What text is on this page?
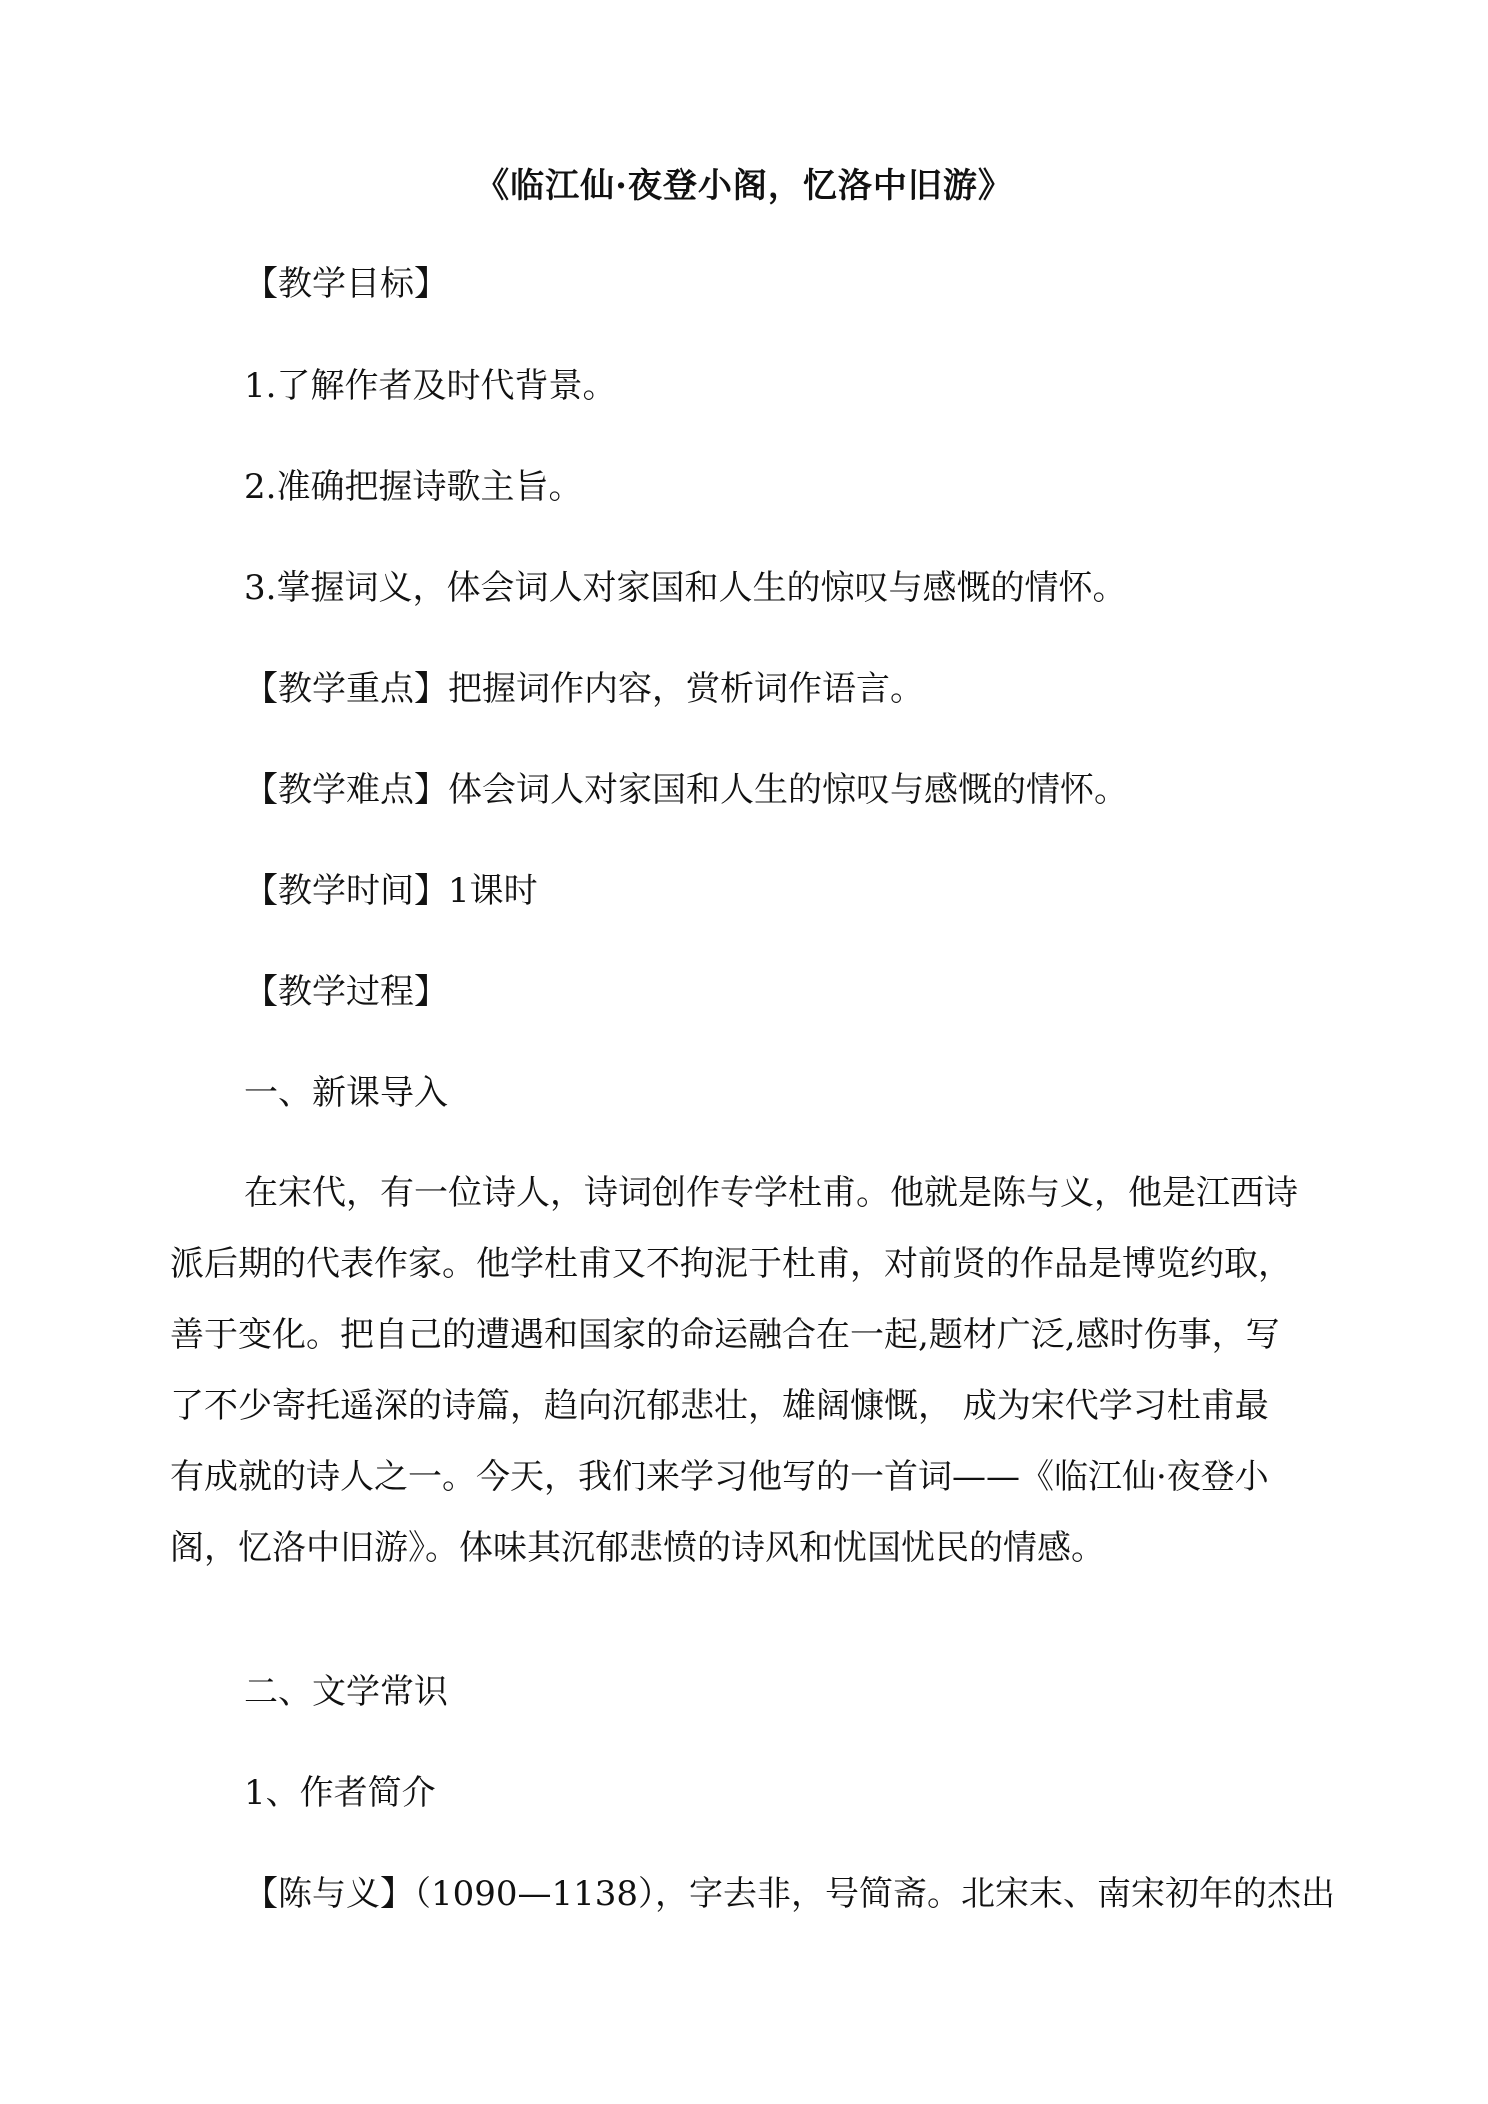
《临江仙·夜登小阁，忆洛中旧游》
【教学目标】
1.了解作者及时代背景。
2.准确把握诗歌主旨。
3.掌握词义，体会词人对家国和人生的惊叹与感慨的情怀。
【教学重点】把握词作内容，赏析词作语言。
【教学难点】体会词人对家国和人生的惊叹与感慨的情怀。
【教学时间】1课时
【教学过程】
一、新课导入
在宋代，有一位诗人，诗词创作专学杜甫。他就是陈与义，他是江西诗
派后期的代表作家。他学杜甫又不拘泥于杜甫，对前贤的作品是博览约取，
善于变化。把自己的遭遇和国家的命运融合在一起,题材广泛,感时伤事，写
了不少寄托遥深的诗篇，趋向沉郁悲壮，雄阔慷慨， 成为宋代学习杜甫最
有成就的诗人之一。今天，我们来学习他写的一首词——《临江仙·夜登小
阁，忆洛中旧游》。体味其沉郁悲愤的诗风和忧国忧民的情感。
二、文学常识
1、作者简介
【陈与义】（1090—1138），字去非，号简斋。北宋末、南宋初年的杰出
